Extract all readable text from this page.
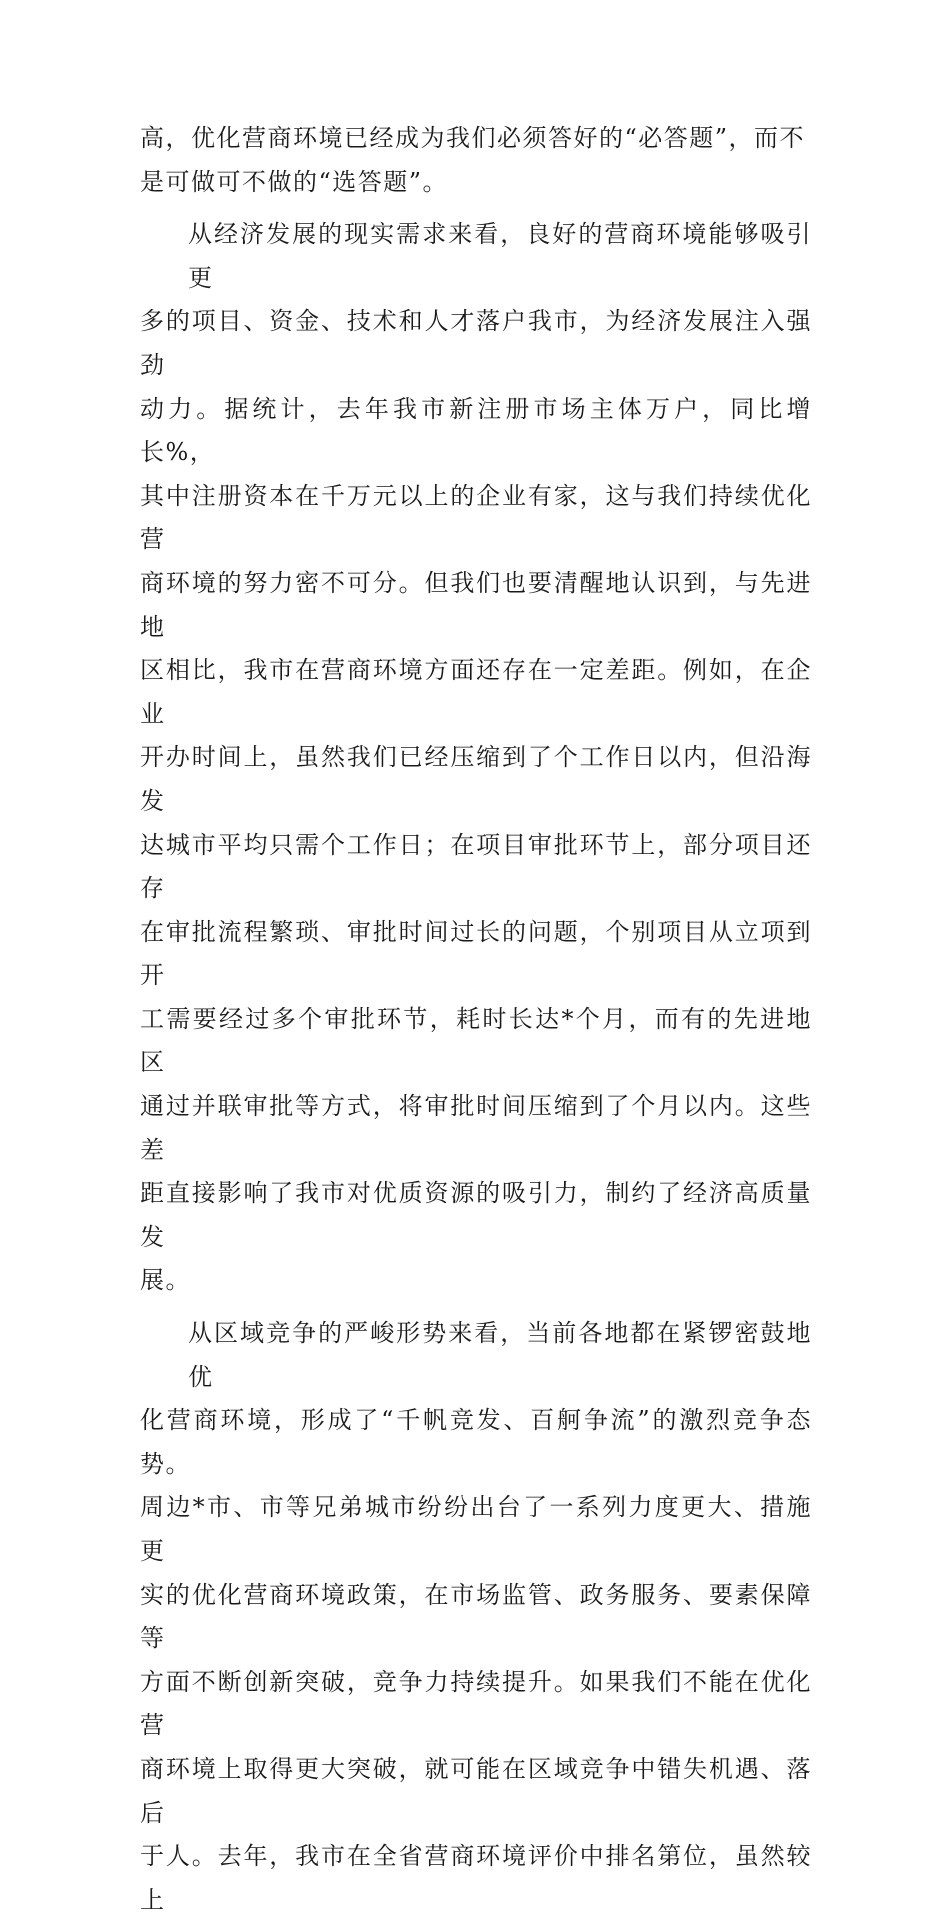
高，优化营商环境已经成为我们必须答好的“必答题”，而不
是可做可不做的“选答题”。

从经济发展的现实需求来看，良好的营商环境能够吸引更
多的项目、资金、技术和人才落户我市，为经济发展注入强劲
动力。据统计，去年我市新注册市场主体万户，同比增长%，
其中注册资本在千万元以上的企业有家，这与我们持续优化营
商环境的努力密不可分。但我们也要清醒地认识到，与先进地
区相比，我市在营商环境方面还存在一定差距。例如，在企业
开办时间上，虽然我们已经压缩到了个工作日以内，但沿海发
达城市平均只需个工作日；在项目审批环节上，部分项目还存
在审批流程繁琐、审批时间过长的问题，个别项目从立项到开
工需要经过多个审批环节，耗时长达*个月，而有的先进地区
通过并联审批等方式，将审批时间压缩到了个月以内。这些差
距直接影响了我市对优质资源的吸引力，制约了经济高质量发
展。

从区域竞争的严峻形势来看，当前各地都在紧锣密鼓地优
化营商环境，形成了“千帆竞发、百舸争流”的激烈竞争态势。
周边*市、市等兄弟城市纷纷出台了一系列力度更大、措施更
实的优化营商环境政策，在市场监管、政务服务、要素保障等
方面不断创新突破，竞争力持续提升。如果我们不能在优化营
商环境上取得更大突破，就可能在区域竞争中错失机遇、落后
于人。去年，我市在全省营商环境评价中排名第位，虽然较上
